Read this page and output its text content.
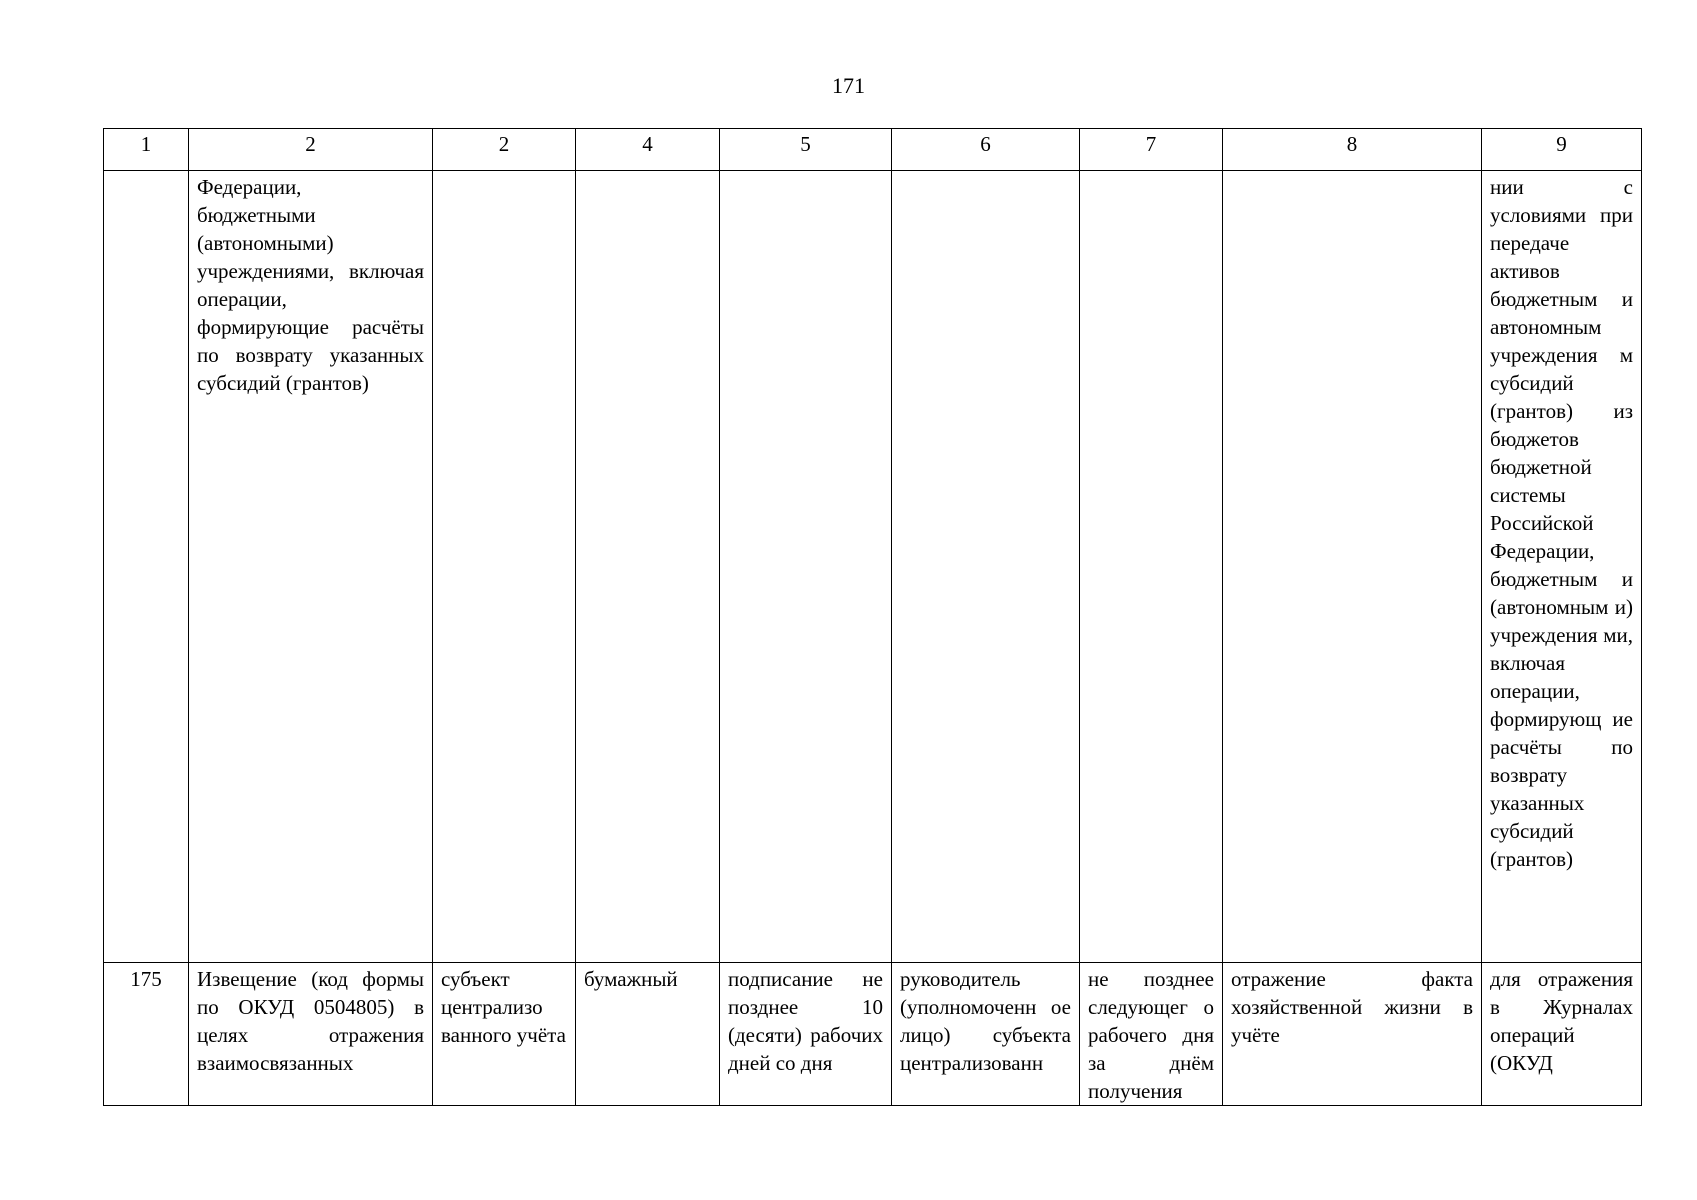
171
1	2	2	4	5	6	7	8	9
	Федерации, бюджетными (автономными) учреждениями, включая операции, формирующие расчёты по возврату указанных субсидий (грантов)							нии с условиями при передаче активов бюджетным и автономным учреждения м субсидий (грантов) из бюджетов бюджетной системы Российской Федерации, бюджетным и (автономным и) учреждения ми, включая операции, формирующ ие расчёты по возврату указанных субсидий (грантов)
175	Извещение (код формы по ОКУД 0504805) в целях отражения взаимосвязанных	субъект централизо ванного учёта	бумажный	подписание не позднее 10 (десяти) рабочих дней со дня	руководитель (уполномоченн ое лицо) субъекта централизованн	не позднее следующег о рабочего дня за днём получения	отражение факта хозяйственной жизни в учёте	для отражения в Журналах операций (ОКУД
